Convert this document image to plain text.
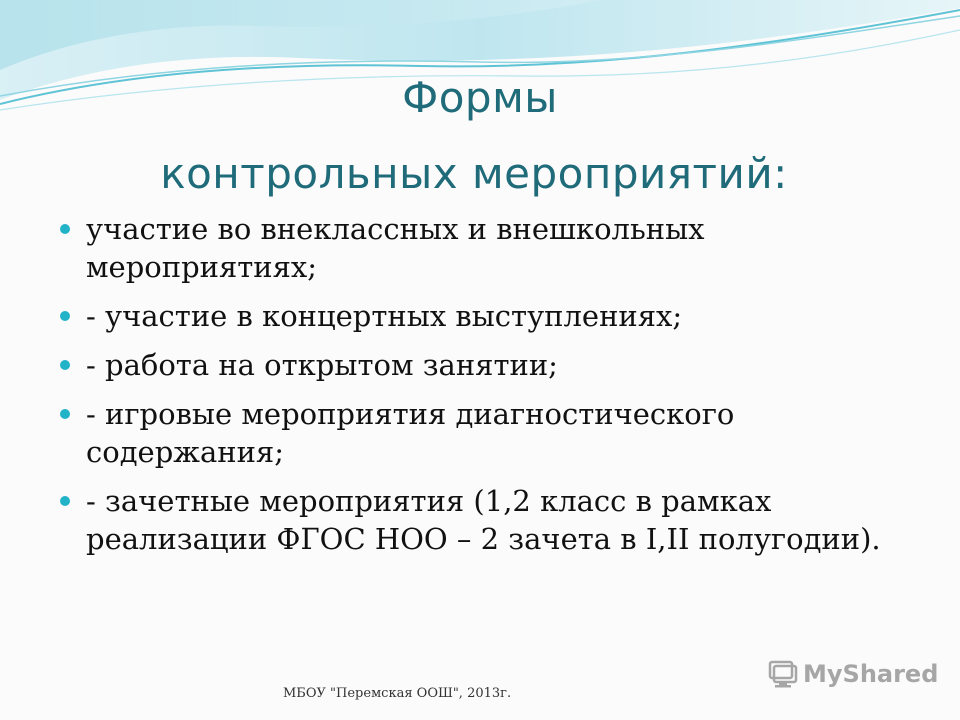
Формы
контрольных мероприятий:
участие во внеклассных и внешкольных мероприятиях;
- участие в концертных выступлениях;
- работа на открытом занятии;
- игровые мероприятия диагностического содержания;
- зачетные мероприятия (1,2 класс в рамках реализации ФГОС НОО – 2 зачета в I,II полугодии).
МБОУ "Перемская ООШ", 2013г.
MyShared
